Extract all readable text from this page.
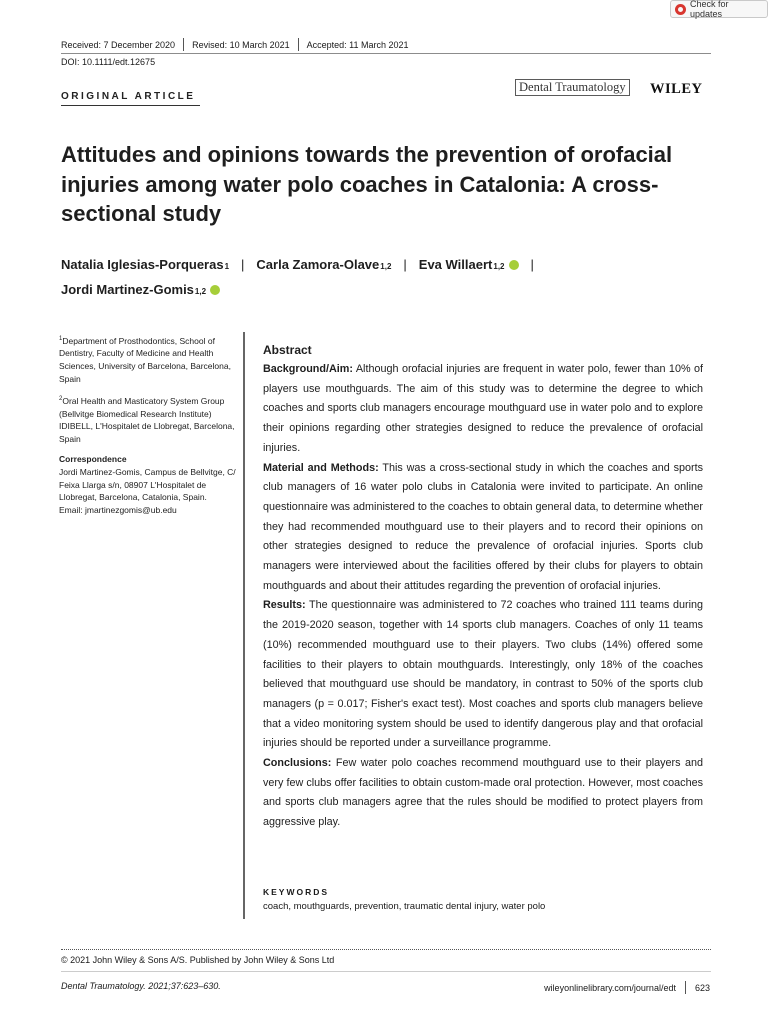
Check for updates
Received: 7 December 2020 Revised: 10 March 2021 Accepted: 11 March 2021
DOI: 10.1111/edt.12675
ORIGINAL ARTICLE
Dental Traumatology WILEY
Attitudes and opinions towards the prevention of orofacial injuries among water polo coaches in Catalonia: A cross-sectional study
Natalia Iglesias-Porqueras 1 | Carla Zamora-Olave 1,2 | Eva Willaert 1,2 |
Jordi Martinez-Gomis 1,2

$^1$Department of Prosthodontics, School of Dentistry, Faculty of Medicine and Health Sciences, University of Barcelona, Barcelona, Spain

$^2$Oral Health and Masticatory System Group (Bellvitge Biomedical Research Institute) IDIBELL, L'Hospitalet de Llobregat, Barcelona, Spain

Correspondence
Jordi Martinez-Gomis, Campus de Bellvitge, C/ Feixa Llarga s/n, 08907 L'Hospitalet de Llobregat, Barcelona, Catalonia, Spain.
Email: jmartinezgomis@ub.edu
Abstract

Background/Aim: Although orofacial injuries are frequent in water polo, fewer than 10% of players use mouthguards. The aim of this study was to determine the degree to which coaches and sports club managers encourage mouthguard use in water polo and to explore their opinions regarding other strategies designed to reduce the prevalence of orofacial injuries.

Material and Methods: This was a cross-sectional study in which the coaches and sports club managers of 16 water polo clubs in Catalonia were invited to participate. An online questionnaire was administered to the coaches to obtain general data, to determine whether they had recommended mouthguard use to their players and to record their opinions on other strategies designed to reduce the prevalence of orofacial injuries. Sports club managers were interviewed about the facilities offered by their clubs for players to obtain mouthguards and about their attitudes regarding the prevention of orofacial injuries.

Results: The questionnaire was administered to 72 coaches who trained 111 teams during the 2019-2020 season, together with 14 sports club managers. Coaches of only 11 teams (10%) recommended mouthguard use to their players. Two clubs (14%) offered some facilities to their players to obtain mouthguards. Interestingly, only 18% of the coaches believed that mouthguard use should be mandatory, in contrast to 50% of the sports club managers (p = 0.017; Fisher's exact test). Most coaches and sports club managers believe that a video monitoring system should be used to identify dangerous play and that orofacial injuries should be reported under a surveillance programme.

Conclusions: Few water polo coaches recommend mouthguard use to their players and very few clubs offer facilities to obtain custom-made oral protection. However, most coaches and sports club managers agree that the rules should be modified to protect players from aggressive play.

KEYWORDS
coach, mouthguards, prevention, traumatic dental injury, water polo
© 2021 John Wiley & Sons A/S. Published by John Wiley & Sons Ltd
Dental Traumatology. 2021;37:623–630.	wileyonlinelibrary.com/journal/edt 623
